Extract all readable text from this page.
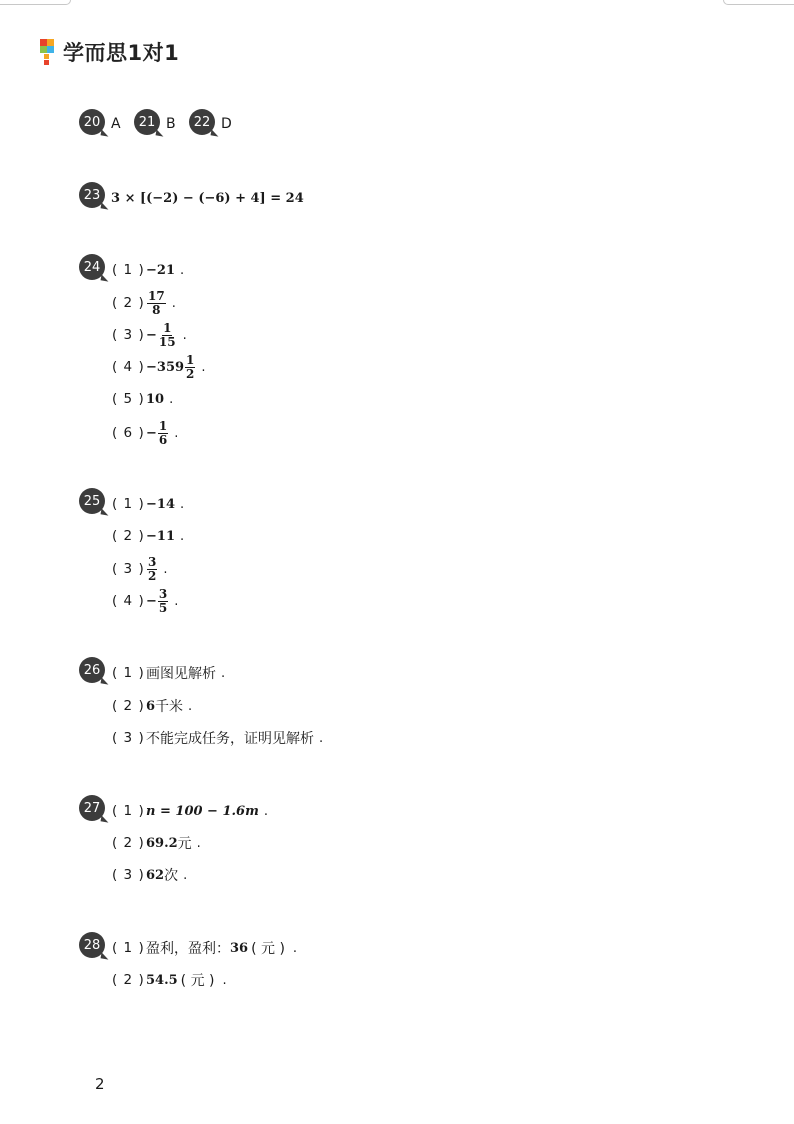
学而思1对1
20 A	21 B	22 D
23 3 × [(−2) − (−6) + 4] = 24
24 ( 1 ) −21 .
( 2 ) $\frac{17}{8}$ .
( 3 ) − $\frac{1}{15}$ .
( 4 ) $-359 \frac{1}{2}$ .
( 5 ) 10 .
( 6 ) − $\frac{1}{6}$ .
25 ( 1 ) −14 .
( 2 ) −11 .
( 3 ) $\frac{3}{2}$ .
( 4 ) − $\frac{3}{5}$ .
26 ( 1 ) 画图见解析 .
( 2 ) 6 千米 .
( 3 ) 不能完成任务，证明见解析 .
27 ( 1 ) n = 100 − 1.6m .
( 2 ) 69.2 元 .
( 3 ) 62 次 .
28 ( 1 ) 盈利，盈利： 36 ( 元 ) .
( 2 ) 54.5 ( 元 ) .
2
